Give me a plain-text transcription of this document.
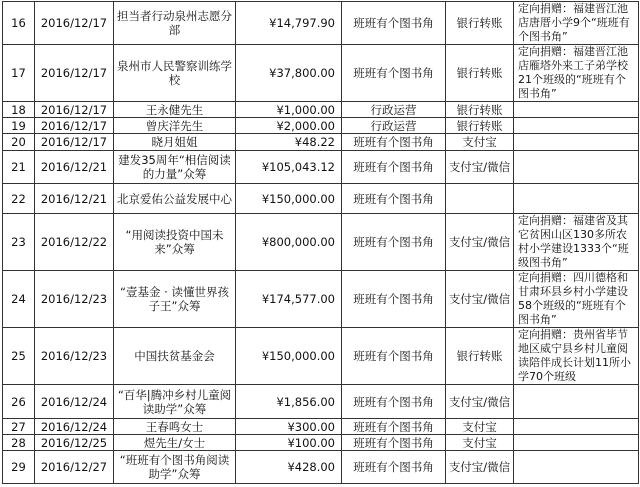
16	2016/12/17	担当者行动泉州志愿分部	¥14,797.90	班班有个图书角	银行转账	定向捐赠：福建晋江池店唐厝小学9个“班班有个图书角”
17	2016/12/17	泉州市人民警察训练学校	¥37,800.00	班班有个图书角	银行转账	定向捐赠：福建晋江池店雁塔外来工子弟学校21个班级的“班班有个图书角”
18	2016/12/17	王永健先生	¥1,000.00	行政运营	银行转账	
19	2016/12/17	曾庆洋先生	¥2,000.00	行政运营	银行转账	
20	2016/12/17	晓月姐姐	¥48.22	班班有个图书角	支付宝	
21	2016/12/21	建发35周年“相信阅读的力量”众筹	¥105,043.12	班班有个图书角	支付宝/微信	
22	2016/12/21	北京爱佑公益发展中心	¥150,000.00	班班有个图书角		
23	2016/12/22	“用阅读投资中国未来”众筹	¥800,000.00	班班有个图书角	支付宝/微信	定向捐赠：福建省及其它贫困山区130多所农村小学建设1333个“班级图书角”
24	2016/12/23	“壹基金 · 读懂世界孩子王”众筹	¥174,577.00	班班有个图书角	支付宝/微信	定向捐赠：四川德格和甘肃环县乡村小学建设58个班级的“班班有个图书角”
25	2016/12/23	中国扶贫基金会	¥150,000.00	班班有个图书角	银行转账	定向捐赠：贵州省毕节地区威宁县乡村儿童阅读陪伴成长计划11所小学70个班级
26	2016/12/24	“百华|腾冲乡村儿童阅读助学”众筹	¥1,856.00	班班有个图书角	支付宝/微信	
27	2016/12/24	王春鸣女士	¥300.00	班班有个图书角	支付宝	
28	2016/12/25	煜先生/女士	¥100.00	班班有个图书角	支付宝	
29	2016/12/27	“班班有个图书角阅读助学”众筹	¥428.00	班班有个图书角	支付宝/微信	
